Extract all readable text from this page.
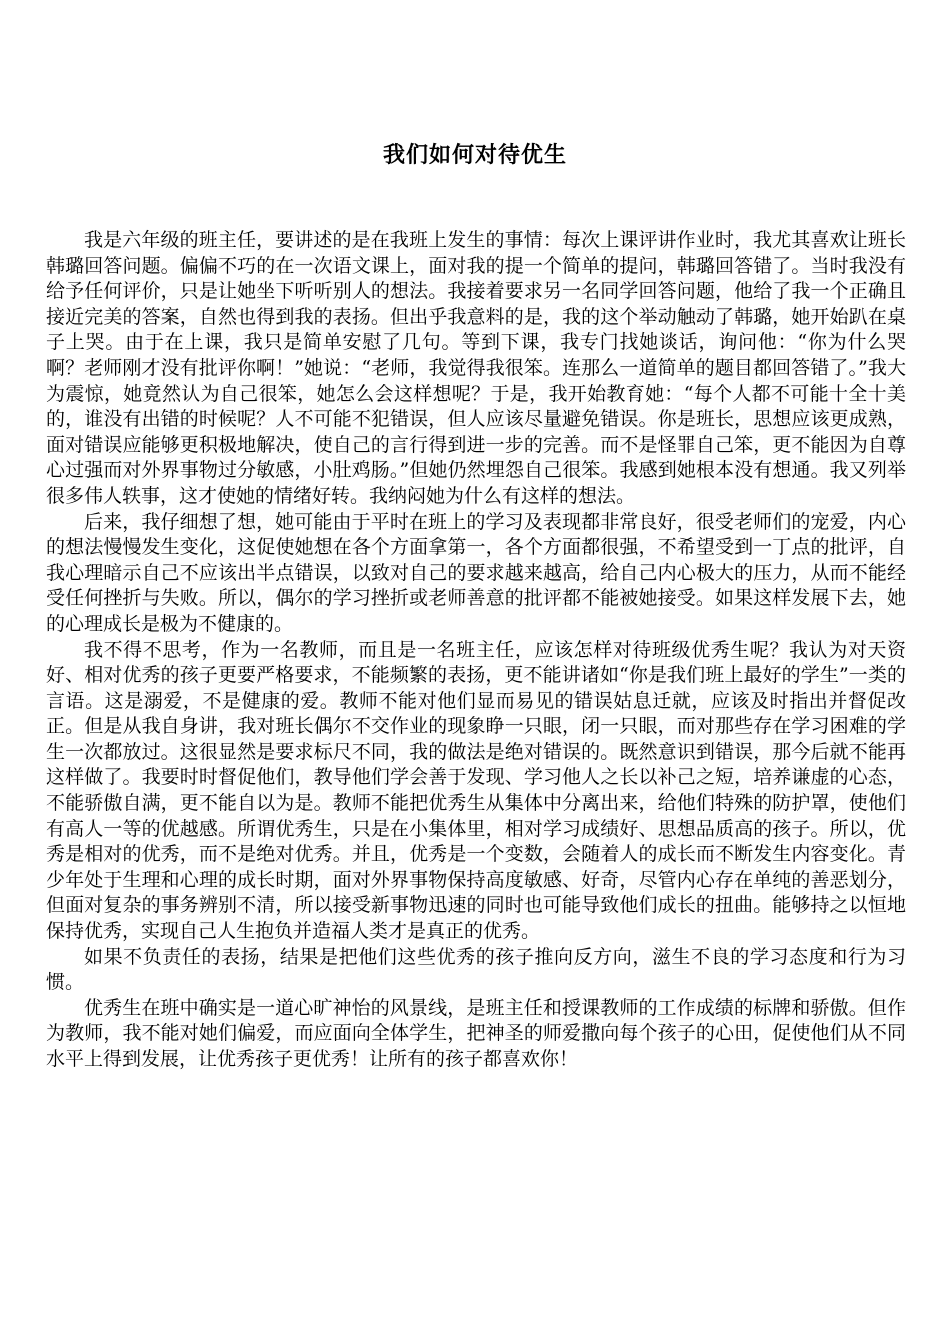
我们如何对待优生

我是六年级的班主任，要讲述的是在我班上发生的事情：每次上课评讲作业时，我尤其喜欢让班长韩璐回答问题。偏偏不巧的在一次语文课上，面对我的提一个简单的提问，韩璐回答错了。当时我没有给予任何评价，只是让她坐下听听别人的想法。我接着要求另一名同学回答问题，他给了我一个正确且接近完美的答案，自然也得到我的表扬。但出乎我意料的是，我的这个举动触动了韩璐，她开始趴在桌子上哭。由于在上课，我只是简单安慰了几句。等到下课，我专门找她谈话，询问他：“你为什么哭啊？老师刚才没有批评你啊！”她说：“老师，我觉得我很笨。连那么一道简单的题目都回答错了。”我大为震惊，她竟然认为自己很笨，她怎么会这样想呢？于是，我开始教育她：“每个人都不可能十全十美的，谁没有出错的时候呢？人不可能不犯错误，但人应该尽量避免错误。你是班长，思想应该更成熟，面对错误应能够更积极地解决，使自己的言行得到进一步的完善。而不是怪罪自己笨，更不能因为自尊心过强而对外界事物过分敏感，小肚鸡肠。”但她仍然埋怨自己很笨。我感到她根本没有想通。我又列举很多伟人轶事，这才使她的情绪好转。我纳闷她为什么有这样的想法。

后来，我仔细想了想，她可能由于平时在班上的学习及表现都非常良好，很受老师们的宠爱，内心的想法慢慢发生变化，这促使她想在各个方面拿第一，各个方面都很强，不希望受到一丁点的批评，自我心理暗示自己不应该出半点错误，以致对自己的要求越来越高，给自己内心极大的压力，从而不能经受任何挫折与失败。所以，偶尔的学习挫折或老师善意的批评都不能被她接受。如果这样发展下去，她的心理成长是极为不健康的。

我不得不思考，作为一名教师，而且是一名班主任，应该怎样对待班级优秀生呢？我认为对天资好、相对优秀的孩子更要严格要求，不能频繁的表扬，更不能讲诸如“你是我们班上最好的学生”一类的言语。这是溺爱，不是健康的爱。教师不能对他们显而易见的错误姑息迁就，应该及时指出并督促改正。但是从我自身讲，我对班长偶尔不交作业的现象睁一只眼，闭一只眼，而对那些存在学习困难的学生一次都放过。这很显然是要求标尺不同，我的做法是绝对错误的。既然意识到错误，那今后就不能再这样做了。我要时时督促他们，教导他们学会善于发现、学习他人之长以补己之短，培养谦虚的心态，不能骄傲自满，更不能自以为是。教师不能把优秀生从集体中分离出来，给他们特殊的防护罩，使他们有高人一等的优越感。所谓优秀生，只是在小集体里，相对学习成绩好、思想品质高的孩子。所以，优秀是相对的优秀，而不是绝对优秀。并且，优秀是一个变数，会随着人的成长而不断发生内容变化。青少年处于生理和心理的成长时期，面对外界事物保持高度敏感、好奇，尽管内心存在单纯的善恶划分，但面对复杂的事务辨别不清，所以接受新事物迅速的同时也可能导致他们成长的扭曲。能够持之以恒地保持优秀，实现自己人生抱负并造福人类才是真正的优秀。

如果不负责任的表扬，结果是把他们这些优秀的孩子推向反方向，滋生不良的学习态度和行为习惯。

优秀生在班中确实是一道心旷神怡的风景线，是班主任和授课教师的工作成绩的标牌和骄傲。但作为教师，我不能对她们偏爱，而应面向全体学生，把神圣的师爱撒向每个孩子的心田，促使他们从不同水平上得到发展，让优秀孩子更优秀！让所有的孩子都喜欢你！
